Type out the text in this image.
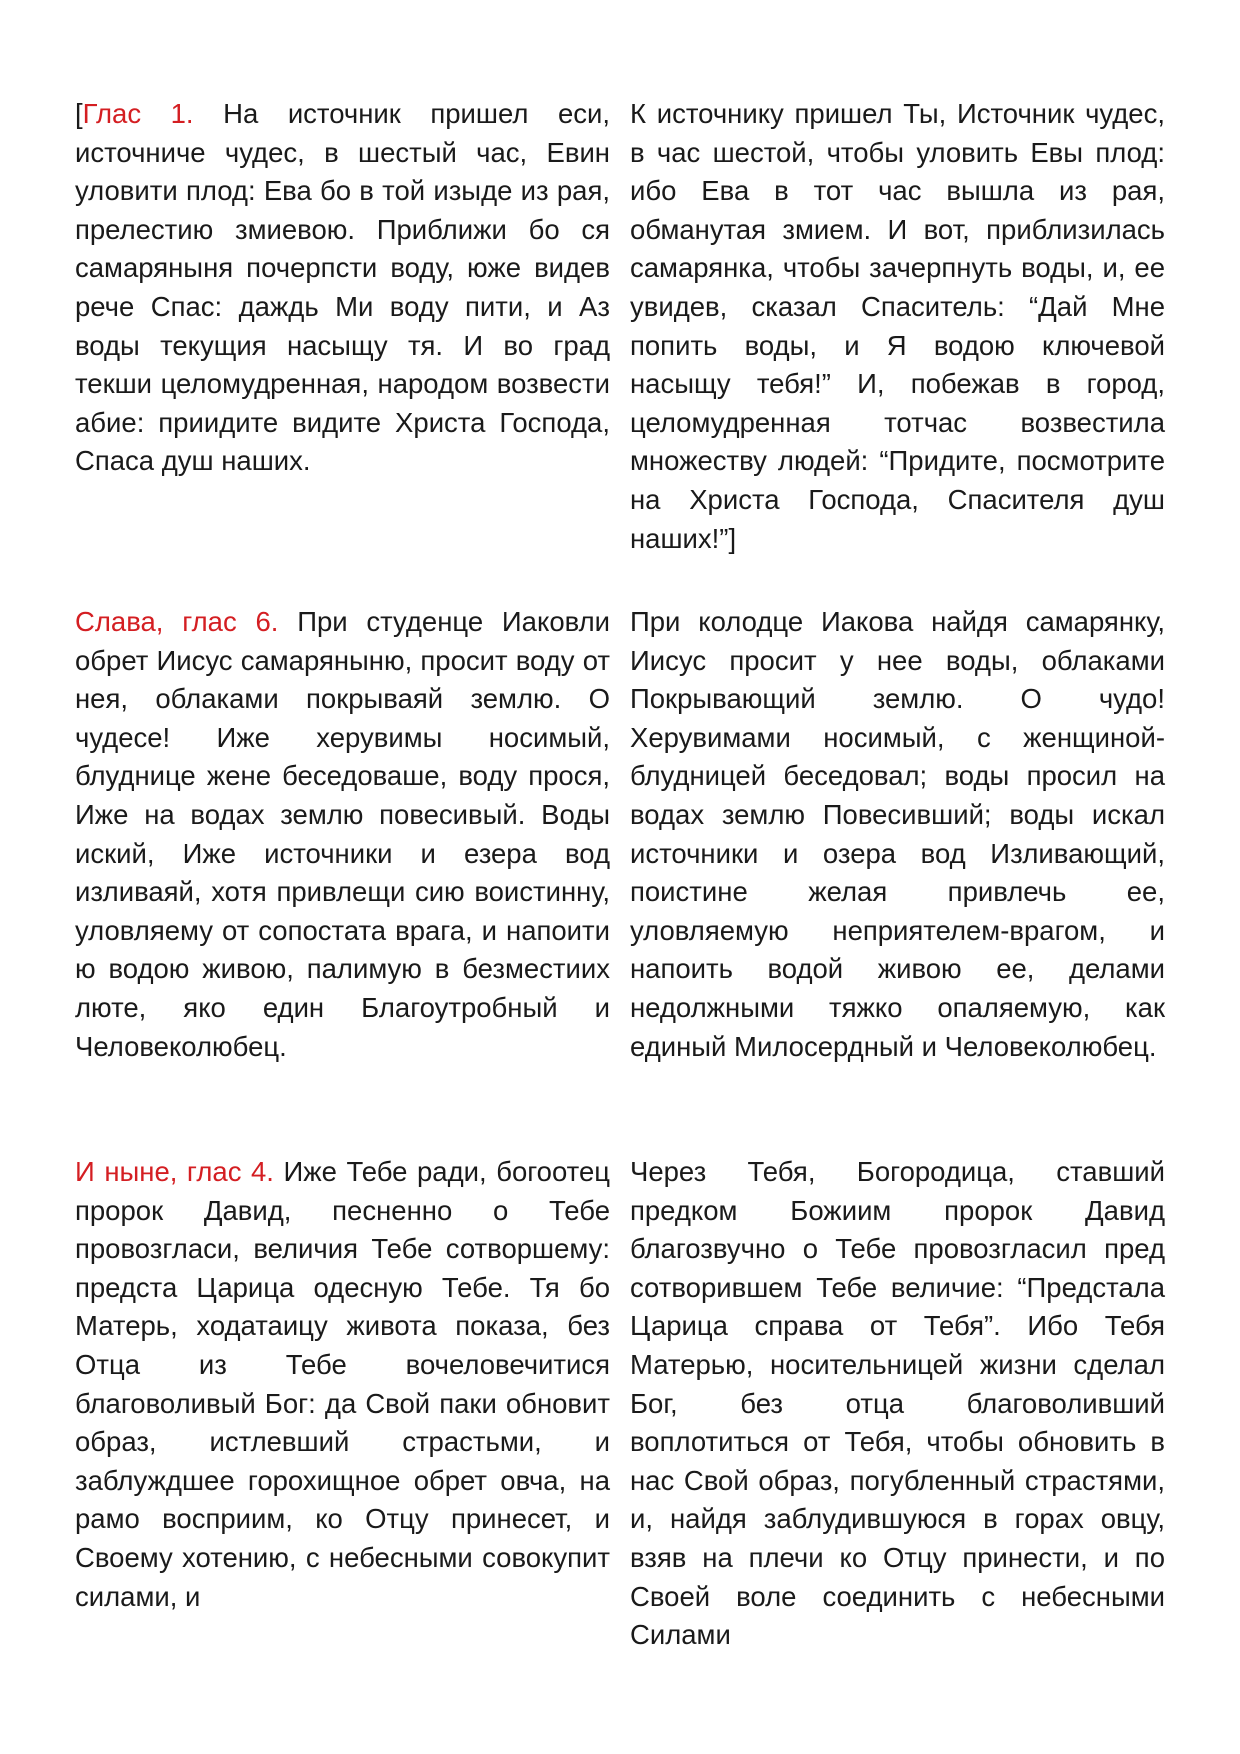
[Глас 1. На источник пришел еси, источниче чудес, в шестый час, Евин уловити плод: Ева бо в той изыде из рая, прелестию змиевою. Приближи бо ся самаряныня почерпсти воду, юже видев рече Спас: даждь Ми воду пити, и Аз воды текущия насыщу тя. И во град текши целомудренная, народом возвести абие: приидите видите Христа Господа, Спаса душ наших.
К источнику пришел Ты, Источник чудес, в час шестой, чтобы уловить Евы плод: ибо Ева в тот час вышла из рая, обманутая змием. И вот, приблизилась самарянка, чтобы зачерпнуть воды, и, ее увидев, сказал Спаситель: “Дай Мне попить воды, и Я водою ключевой насыщу тебя!” И, побежав в город, целомудренная тотчас возвестила множеству людей: “Придите, посмотрите на Христа Господа, Спасителя душ наших!”]
Слава, глас 6. При студенце Иаковли обрет Иисус самаряныню, просит воду от нея, облаками покрываяй землю. О чудесе! Иже херувимы носимый, блуднице жене беседоваше, воду прося, Иже на водах землю повесивый. Воды иский, Иже источники и езера вод изливаяй, хотя привлещи сию воистинну, уловляему от сопостата врага, и напоити ю водою живою, палимую в безместиих люте, яко един Благоутробный и Человеколюбец.
При колодце Иакова найдя самарянку, Иисус просит у нее воды, облаками Покрывающий землю. О чудо! Херувимами носимый, с женщиной-блудницей беседовал; воды просил на водах землю Повесивший; воды искал источники и озера вод Изливающий, поистине желая привлечь ее, уловляемую неприятелем-врагом, и напоить водой живою ее, делами недолжными тяжко опаляемую, как единый Милосердный и Человеколюбец.
И ныне, глас 4. Иже Тебе ради, богоотец пророк Давид, песненно о Тебе провозгласи, величия Тебе сотворшему: предста Царица одесную Тебе. Тя бо Матерь, ходатаицу живота показа, без Отца из Тебе вочеловечитися благоволивый Бог: да Свой паки обновит образ, истлевший страстьми, и заблуждшее горохищное обрет овча, на рамо восприим, ко Отцу принесет, и Своему хотению, с небесными совокупит силами, и
Через Тебя, Богородица, ставший предком Божиим пророк Давид благозвучно о Тебе провозгласил пред сотворившем Тебе величие: “Предстала Царица справа от Тебя”. Ибо Тебя Матерью, носительницей жизни сделал Бог, без отца благоволивший воплотиться от Тебя, чтобы обновить в нас Свой образ, погубленный страстями, и, найдя заблудившуюся в горах овцу, взяв на плечи ко Отцу принести, и по Своей воле соединить с небесными Силами
